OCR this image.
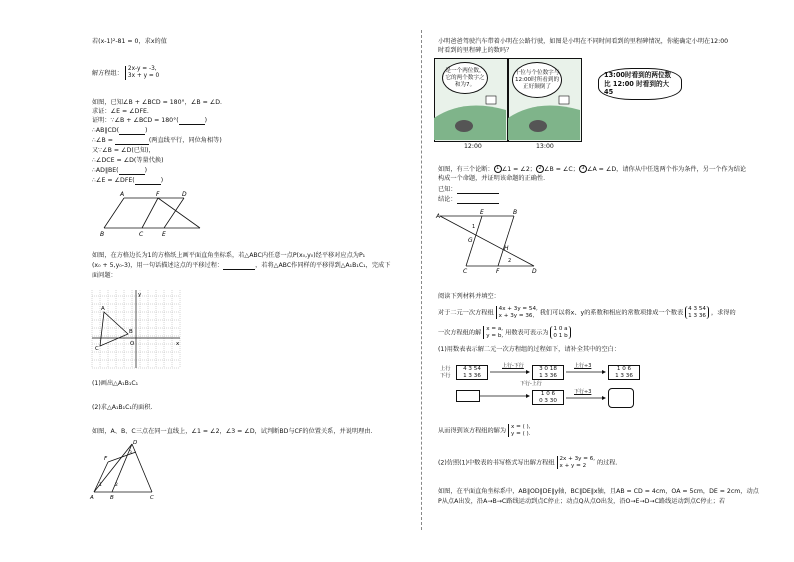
若(x-1)²-81 = 0，求x的值
解方程组： 2x-y = -3,
3x + y = 0
如图，已知∠B + ∠BCD = 180°，∠B = ∠D.
求证：∠E = ∠DFE.
证明：∵∠B + ∠BCD = 180°(	)
∴AB∥CD(	)
∴∠B =	(两直线平行，同位角相等)
又∵∠B = ∠D(已知)，
∴∠DCE = ∠D(等量代换)
∴AD∥BE(	)
∴∠E = ∠DFE(	)
A	F	D
B	C	E
如图，在方格边长为1的方格纸上画平面直角坐标系，若△ABC内任意一点P(x₀,y₀)经平移对应点为P₁
(x₀ + 5,y₀-3)，用一句话描述这点的平移过程：	，若将△ABC作同样的平移得到△A₁B₁C₁，完成下
面问题：
A
B
C
O	x
y
(1)画出△A₁B₁C₁
(2)求△A₁B₁C₁的面积.
如图，A、B、C三点在同一直线上，∠1 = ∠2，∠3 = ∠D，试判断BD与CF的位置关系，并说明理由.
F
D
A	B	C
1	2
3
小明爸爸驾驶汽车带着小明在公路行驶，如图是小明在不同时间看到的里程碑情况，你能确定小明在12:00
时看到的里程碑上的数吗？
是一个两位数，它的两个数字之和为7。
十位与个位数字与12:00时所看到的正好颠倒了
13:00时看到的两位数比 12:00 时看到的大 45
12:00	13:00
如图，有三个论断： 1 ∠1 = ∠2； 2 ∠B = ∠C； 3 ∠A = ∠D，请你从中任选两个作为条件，另一个作为结论
构成一个命题，并证明该命题的正确性.
已知：
结论：
A
E	B
1
G
H
2
C	F	D
阅读下列材料并填空：
对于二元一次方程组 4x + 3y = 54,
x + 3y = 36, 我们可以将x、y的系数和相应的常数项排成一个数表 4 3 54
1 3 36 ，求得的
一次方程组的解 x = a,
y = b, 用数表可表示为 1 0 a
0 1 b
(1)用数表表示解二元一次方程组的过程如下，请补全其中的空白：
上行
下行
4 3 54
1 3 36
上行-下行	3 0 18
1 3 36
上行÷3	1 0 6
1 3 36
1 0 6
0 3 30
下行÷3
下行-上行
从而得到该方程组的解为 x = ( ),
y = ( ).
(2)仿照(1)中数表的书写格式写出解方程组 2x + 3y = 6,
x + y = 2 的过程.
如图，在平面直角坐标系中，AB∥OD∥DE∥y轴，BC∥DE∥x轴，且AB = CD = 4cm，OA = 5cm，DE = 2cm，动点
P从点A出发，沿A→B→C路线运动到点C停止；动点Q从点O出发，沿O→E→D→C路线运动到点C停止；若
